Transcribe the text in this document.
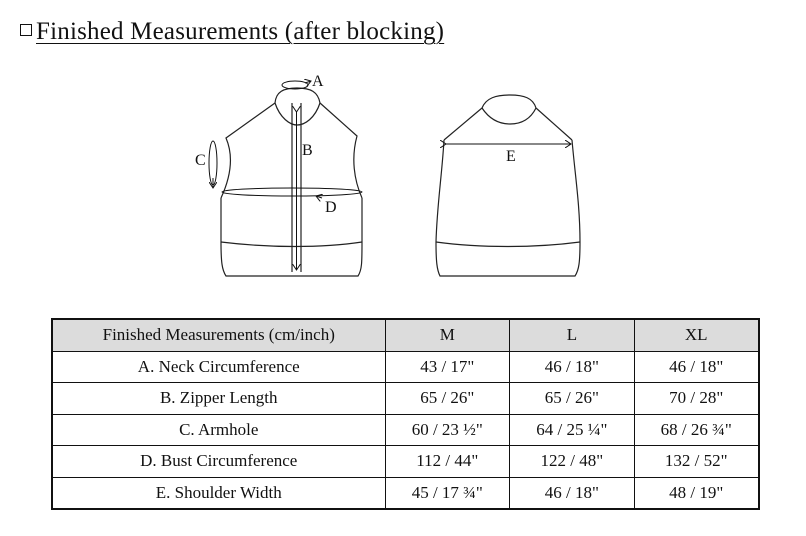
Finished Measurements (after blocking)
A
B
C
D
E
Finished Measurements (cm/inch)	M	L	XL
A. Neck Circumference	43 / 17"	46 / 18"	46 / 18"
B. Zipper Length	65 / 26"	65 / 26"	70 / 28"
C. Armhole	60 / 23 ½"	64 / 25 ¼"	68 / 26 ¾"
D. Bust Circumference	112 / 44"	122 / 48"	132 / 52"
E. Shoulder Width	45 / 17 ¾"	46 / 18"	48 / 19"
